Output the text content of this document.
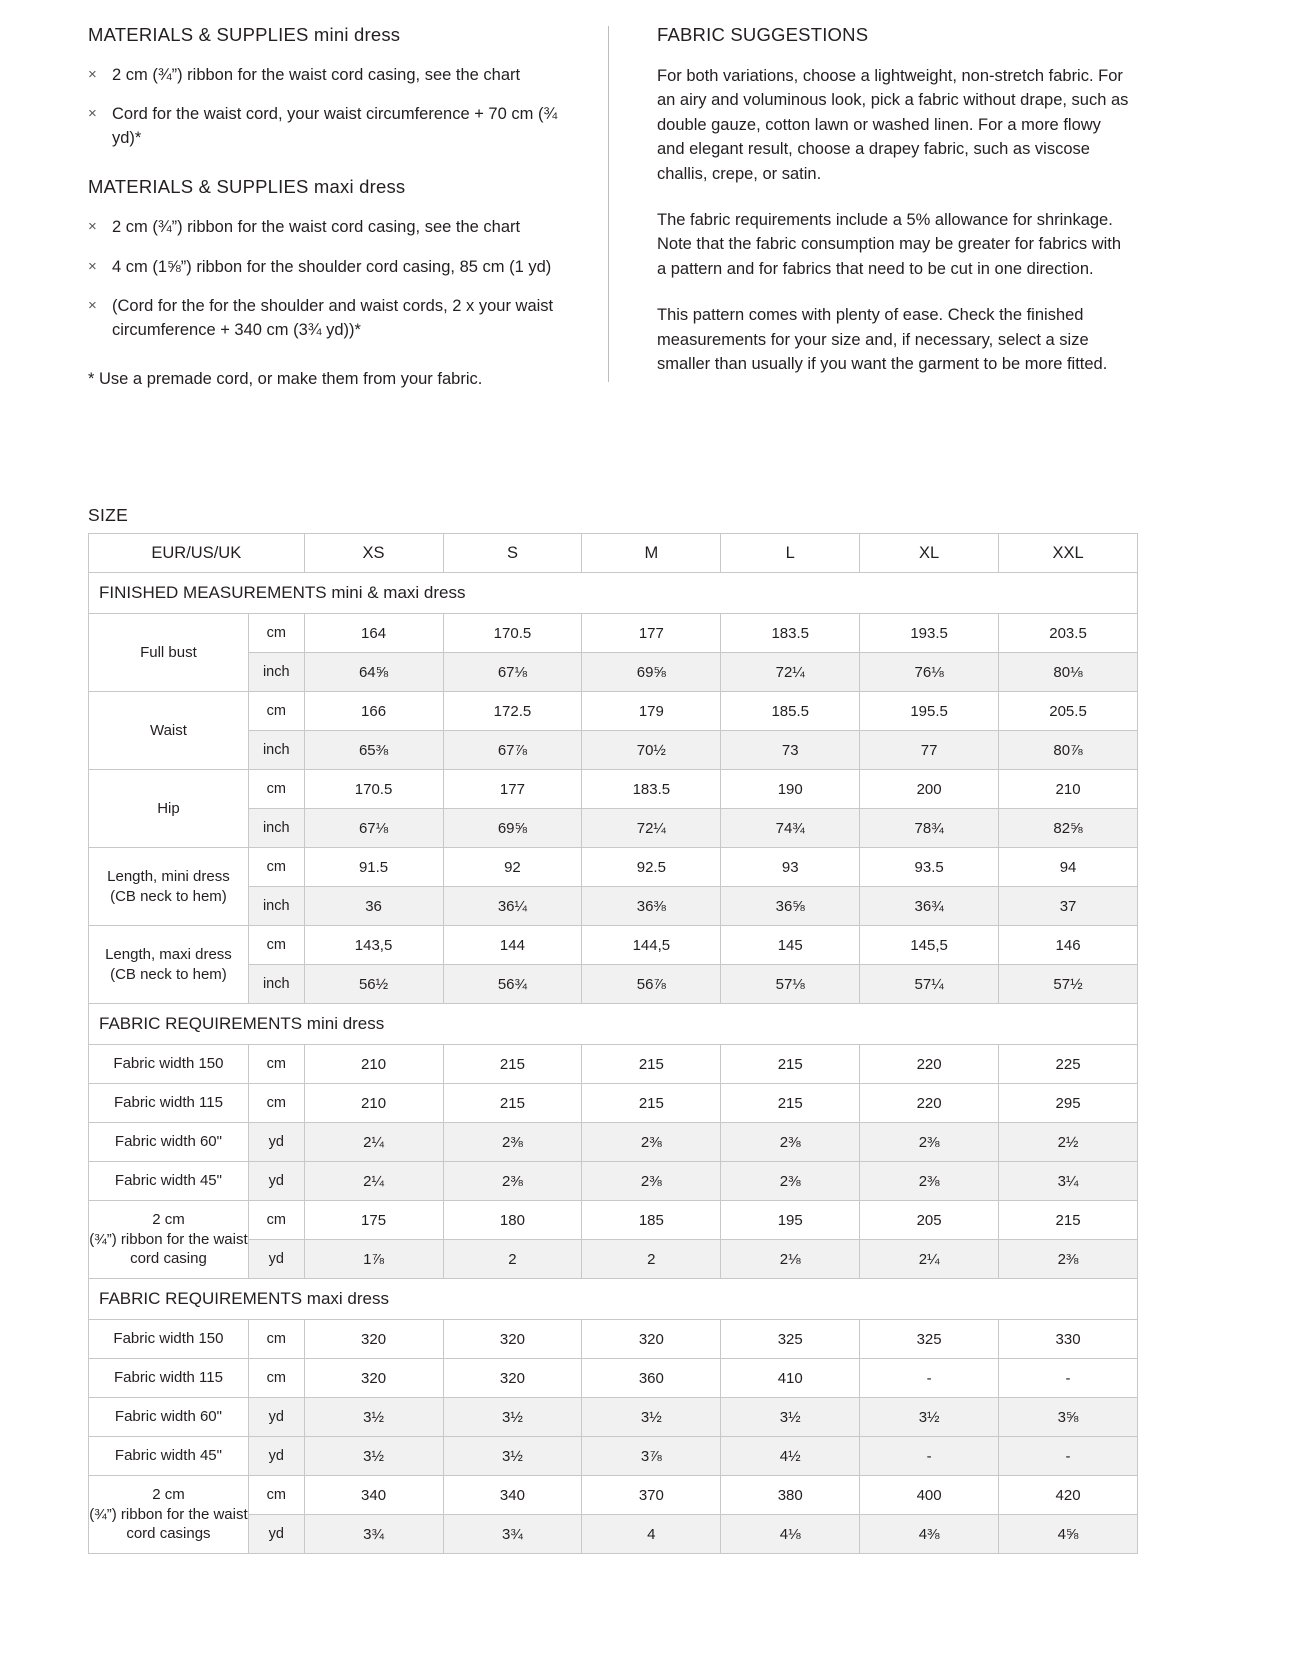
MATERIALS & SUPPLIES mini dress
× 2 cm (¾”) ribbon for the waist cord casing, see the chart
× Cord for the waist cord, your waist circumference + 70 cm (¾ yd)*
MATERIALS & SUPPLIES maxi dress
× 2 cm (¾”) ribbon for the waist cord casing, see the chart
× 4 cm (1⅝”) ribbon for the shoulder cord casing, 85 cm (1 yd)
× (Cord for the for the shoulder and waist cords, 2 x your waist circumference + 340 cm (3¾ yd))*

* Use a premade cord, or make them from your fabric.

FABRIC SUGGESTIONS

For both variations, choose a lightweight, non-stretch fabric. For an airy and voluminous look, pick a fabric without drape, such as double gauze, cotton lawn or washed linen. For a more flowy and elegant result, choose a drapey fabric, such as viscose challis, crepe, or satin.

The fabric requirements include a 5% allowance for shrinkage. Note that the fabric consumption may be greater for fabrics with a pattern and for fabrics that need to be cut in one direction.

This pattern comes with plenty of ease. Check the finished measurements for your size and, if necessary, select a size smaller than usually if you want the garment to be more fitted.

SIZE
EUR/US/UK		XS	S	M	L	XL	XXL
FINISHED MEASUREMENTS mini & maxi dress							
Full bust	cm	164	170.5	177	183.5	193.5	203.5
	inch	64⅝	67⅛	69⅝	72¼	76⅛	80⅛
Waist	cm	166	172.5	179	185.5	195.5	205.5
	inch	65⅜	67⅞	70½	73	77	80⅞
Hip	cm	170.5	177	183.5	190	200	210
	inch	67⅛	69⅝	72¼	74¾	78¾	82⅝
Length, mini dress
(CB neck to hem)	cm	91.5	92	92.5	93	93.5	94
	inch	36	36¼	36⅜	36⅝	36¾	37
Length, maxi dress
(CB neck to hem)	cm	143,5	144	144,5	145	145,5	146
	inch	56½	56¾	56⅞	57⅛	57¼	57½
FABRIC REQUIREMENTS mini dress							
Fabric width 150	cm	210	215	215	215	220	225
Fabric width 115	cm	210	215	215	215	220	295
Fabric width 60"	yd	2¼	2⅜	2⅜	2⅜	2⅜	2½
Fabric width 45"	yd	2¼	2⅜	2⅜	2⅜	2⅜	3¼
2 cm
(¾”) ribbon for the waist cord casing	cm	175	180	185	195	205	215
	yd	1⅞	2	2	2⅛	2¼	2⅜
FABRIC REQUIREMENTS maxi dress							
Fabric width 150	cm	320	320	320	325	325	330
Fabric width 115	cm	320	320	360	410	-	-
Fabric width 60"	yd	3½	3½	3½	3½	3½	3⅝
Fabric width 45"	yd	3½	3½	3⅞	4½	-	-
2 cm
(¾”) ribbon for the waist cord casings	cm	340	340	370	380	400	420
	yd	3¾	3¾	4	4⅛	4⅜	4⅝
